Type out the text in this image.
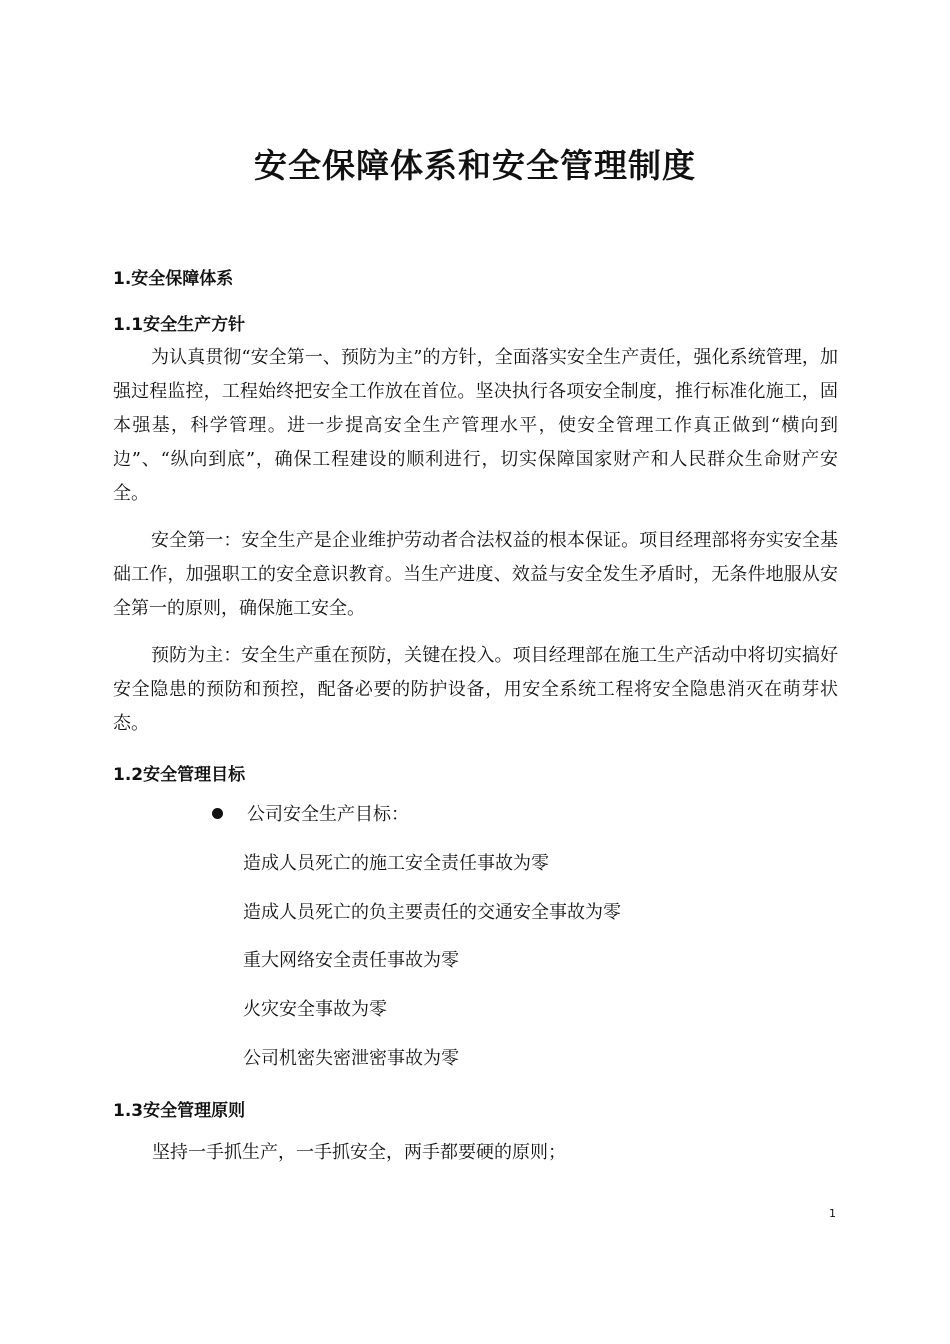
安全保障体系和安全管理制度
1.安全保障体系
1.1安全生产方针
为认真贯彻“安全第一、预防为主”的方针，全面落实安全生产责任，强化系统管理，加强过程监控，工程始终把安全工作放在首位。坚决执行各项安全制度，推行标准化施工，固本强基，科学管理。进一步提高安全生产管理水平，使安全管理工作真正做到“横向到边”、“纵向到底”，确保工程建设的顺利进行，切实保障国家财产和人民群众生命财产安全。
安全第一：安全生产是企业维护劳动者合法权益的根本保证。项目经理部将夯实安全基础工作，加强职工的安全意识教育。当生产进度、效益与安全发生矛盾时，无条件地服从安全第一的原则，确保施工安全。
预防为主：安全生产重在预防，关键在投入。项目经理部在施工生产活动中将切实搞好安全隐患的预防和预控，配备必要的防护设备，用安全系统工程将安全隐患消灭在萌芽状态。
1.2安全管理目标
公司安全生产目标：
造成人员死亡的施工安全责任事故为零
造成人员死亡的负主要责任的交通安全事故为零
重大网络安全责任事故为零
火灾安全事故为零
公司机密失密泄密事故为零
1.3安全管理原则
坚持一手抓生产，一手抓安全，两手都要硬的原则；
1
